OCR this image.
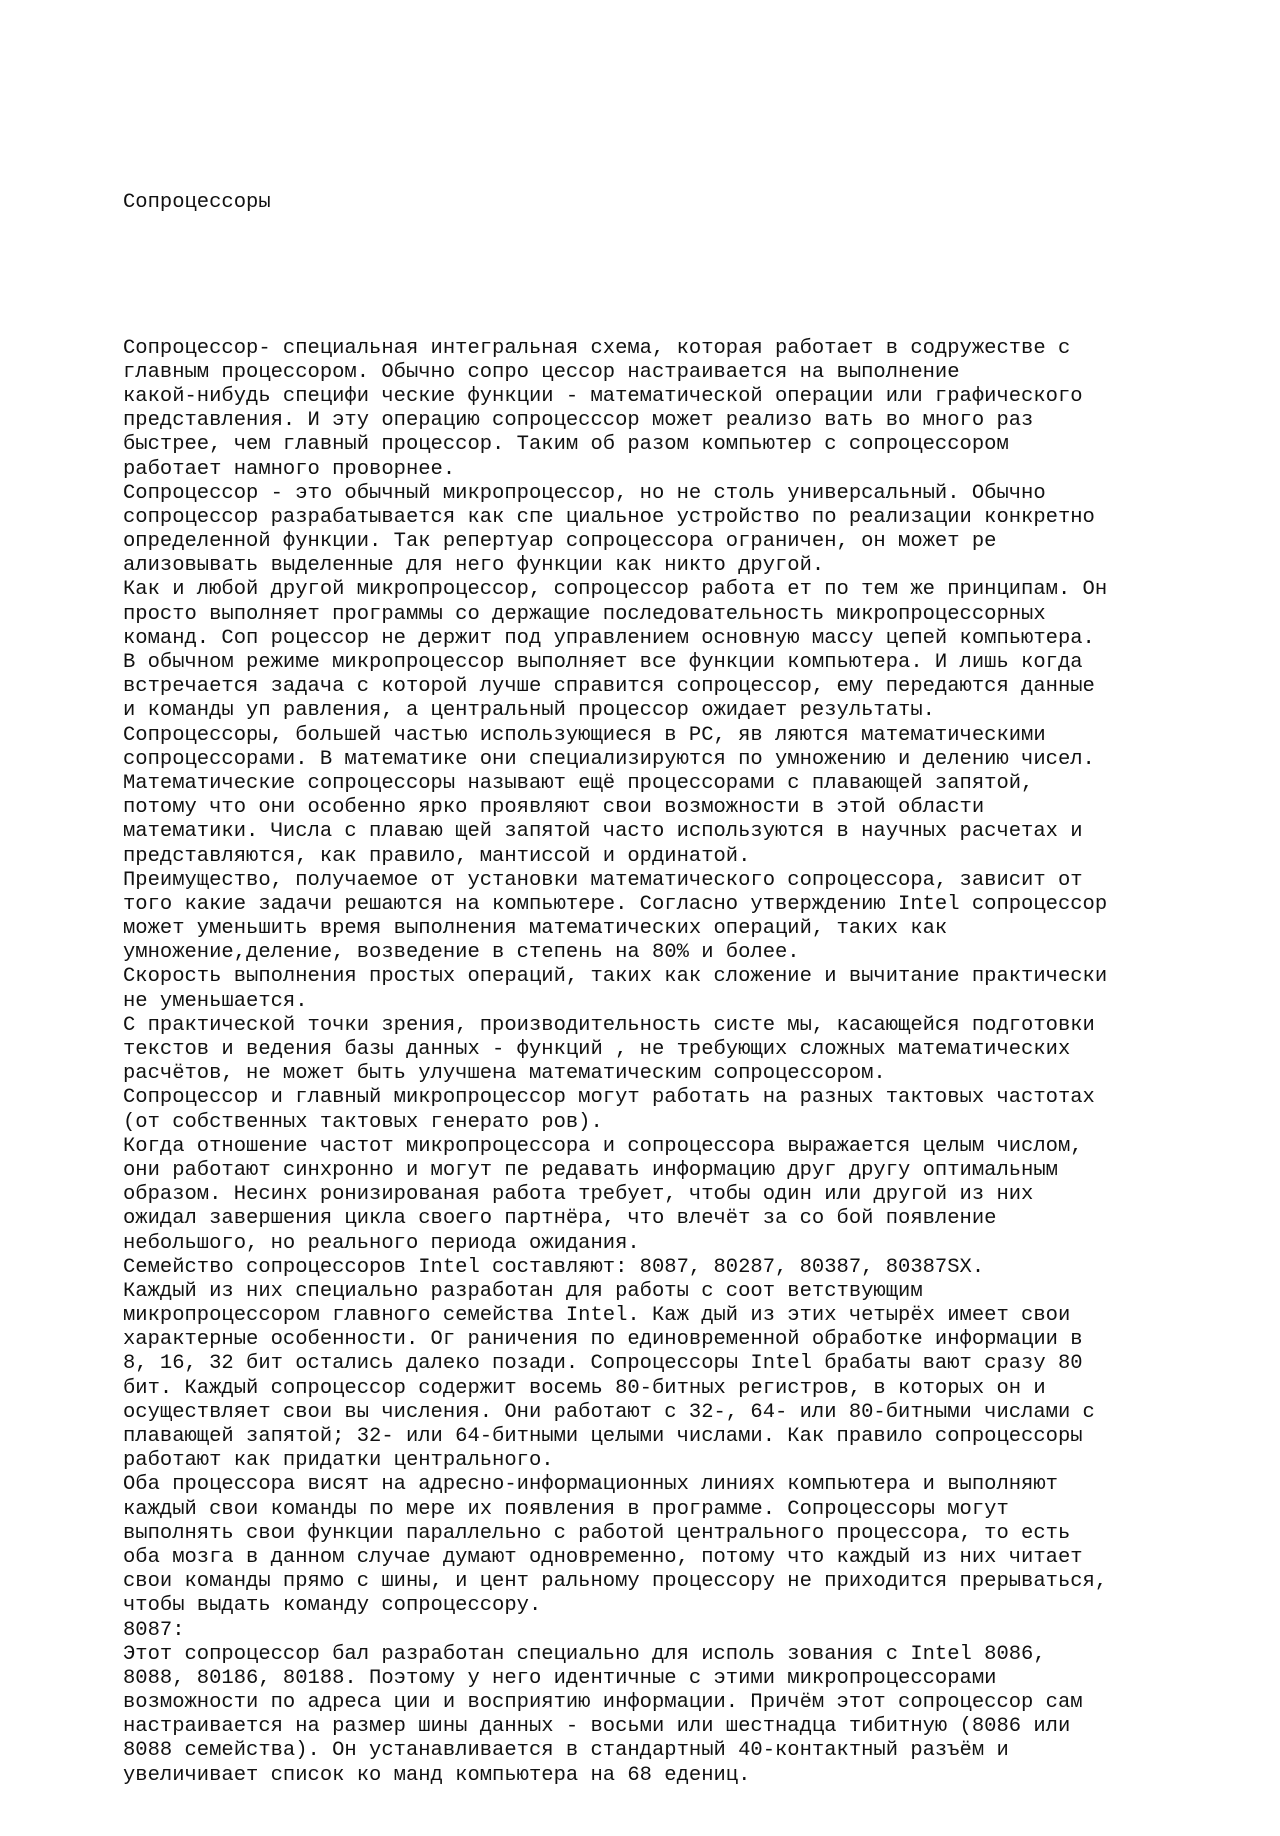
Сопроцессоры

Сопроцессор- специальная интегральная схема, которая работает в содружестве с
главным процессором. Обычно сопро цессор настраивается на выполнение
какой-нибудь специфи ческие функции - математической операции или графического
представления. И эту операцию сопроцесссор может реализо вать во много раз
быстрее, чем главный процессор. Таким об разом компьютер с сопроцессором
работает намного проворнее.
Сопроцессор - это обычный микропроцессор, но не столь универсальный. Обычно
сопроцессор разрабатывается как спе циальное устройство по реализации конкретно
определенной функции. Так репертуар сопроцессора ограничен, он может ре
ализовывать выделенные для него функции как никто другой.
Как и любой другой микропроцессор, сопроцессор работа ет по тем же принципам. Он
просто выполняет программы со держащие последовательность микропроцессорных
команд. Соп роцессор не держит под управлением основную массу цепей компьютера.
В обычном режиме микропроцессор выполняет все функции компьютера. И лишь когда
встречается задача с которой лучше справится сопроцессор, ему передаются данные
и команды уп равления, а центральный процессор ожидает результаты.
Сопроцессоры, большей частью использующиеся в PC, яв ляются математическими
сопроцессорами. В математике они специализируются по умножению и делению чисел.
Математические сопроцессоры называют ещё процессорами с плавающей запятой,
потому что они особенно ярко проявляют свои возможности в этой области
математики. Числа с плаваю щей запятой часто используются в научных расчетах и
представляются, как правило, мантиссой и ординатой.
Преимущество, получаемое от установки математического сопроцессора, зависит от
того какие задачи решаются на компьютере. Согласно утверждению Intel сопроцессор
может уменьшить время выполнения математических операций, таких как
умножение,деление, возведение в степень на 80% и более.
Скорость выполнения простых операций, таких как сложение и вычитание практически
не уменьшается.
С практической точки зрения, производительность систе мы, касающейся подготовки
текстов и ведения базы данных - функций , не требующих сложных математических
расчётов, не может быть улучшена математическим сопроцессором.
Сопроцессор и главный микропроцессор могут работать на разных тактовых частотах
(от собственных тактовых генерато ров).
Когда отношение частот микропроцессора и сопроцессора выражается целым числом,
они работают синхронно и могут пе редавать информацию друг другу оптимальным
образом. Несинх ронизированая работа требует, чтобы один или другой из них
ожидал завершения цикла своего партнёра, что влечёт за со бой появление
небольшого, но реального периода ожидания.
Семейство сопроцессоров Intel составляют: 8087, 80287, 80387, 80387SX.
Каждый из них специально разработан для работы с соот ветствующим
микропроцессором главного семейства Intel. Каж дый из этих четырёх имеет свои
характерные особенности. Ог раничения по единовременной обработке информации в
8, 16, 32 бит остались далеко позади. Сопроцессоры Intel брабаты вают сразу 80
бит. Каждый сопроцессор содержит восемь 80-битных регистров, в которых он и
осуществляет свои вы числения. Они работают с 32-, 64- или 80-битными числами с
плавающей запятой; 32- или 64-битными целыми числами. Как правило сопроцессоры
работают как придатки центрального.
Оба процессора висят на адресно-информационных линиях компьютера и выполняют
каждый свои команды по мере их появления в программе. Сопроцессоры могут
выполнять свои функции параллельно с работой центрального процессора, то есть
оба мозга в данном случае думают одновременно, потому что каждый из них читает
свои команды прямо с шины, и цент ральному процессору не приходится прерываться,
чтобы выдать команду сопроцессору.
8087:
Этот сопроцессор бал разработан специально для исполь зования с Intel 8086,
8088, 80186, 80188. Поэтому у него идентичные с этими микропроцессорами
возможности по адреса ции и восприятию информации. Причём этот сопроцессор сам
настраивается на размер шины данных - восьми или шестнадца тибитную (8086 или
8088 семейства). Он устанавливается в стандартный 40-контактный разъём и
увеличивает список ко манд компьютера на 68 едениц.
